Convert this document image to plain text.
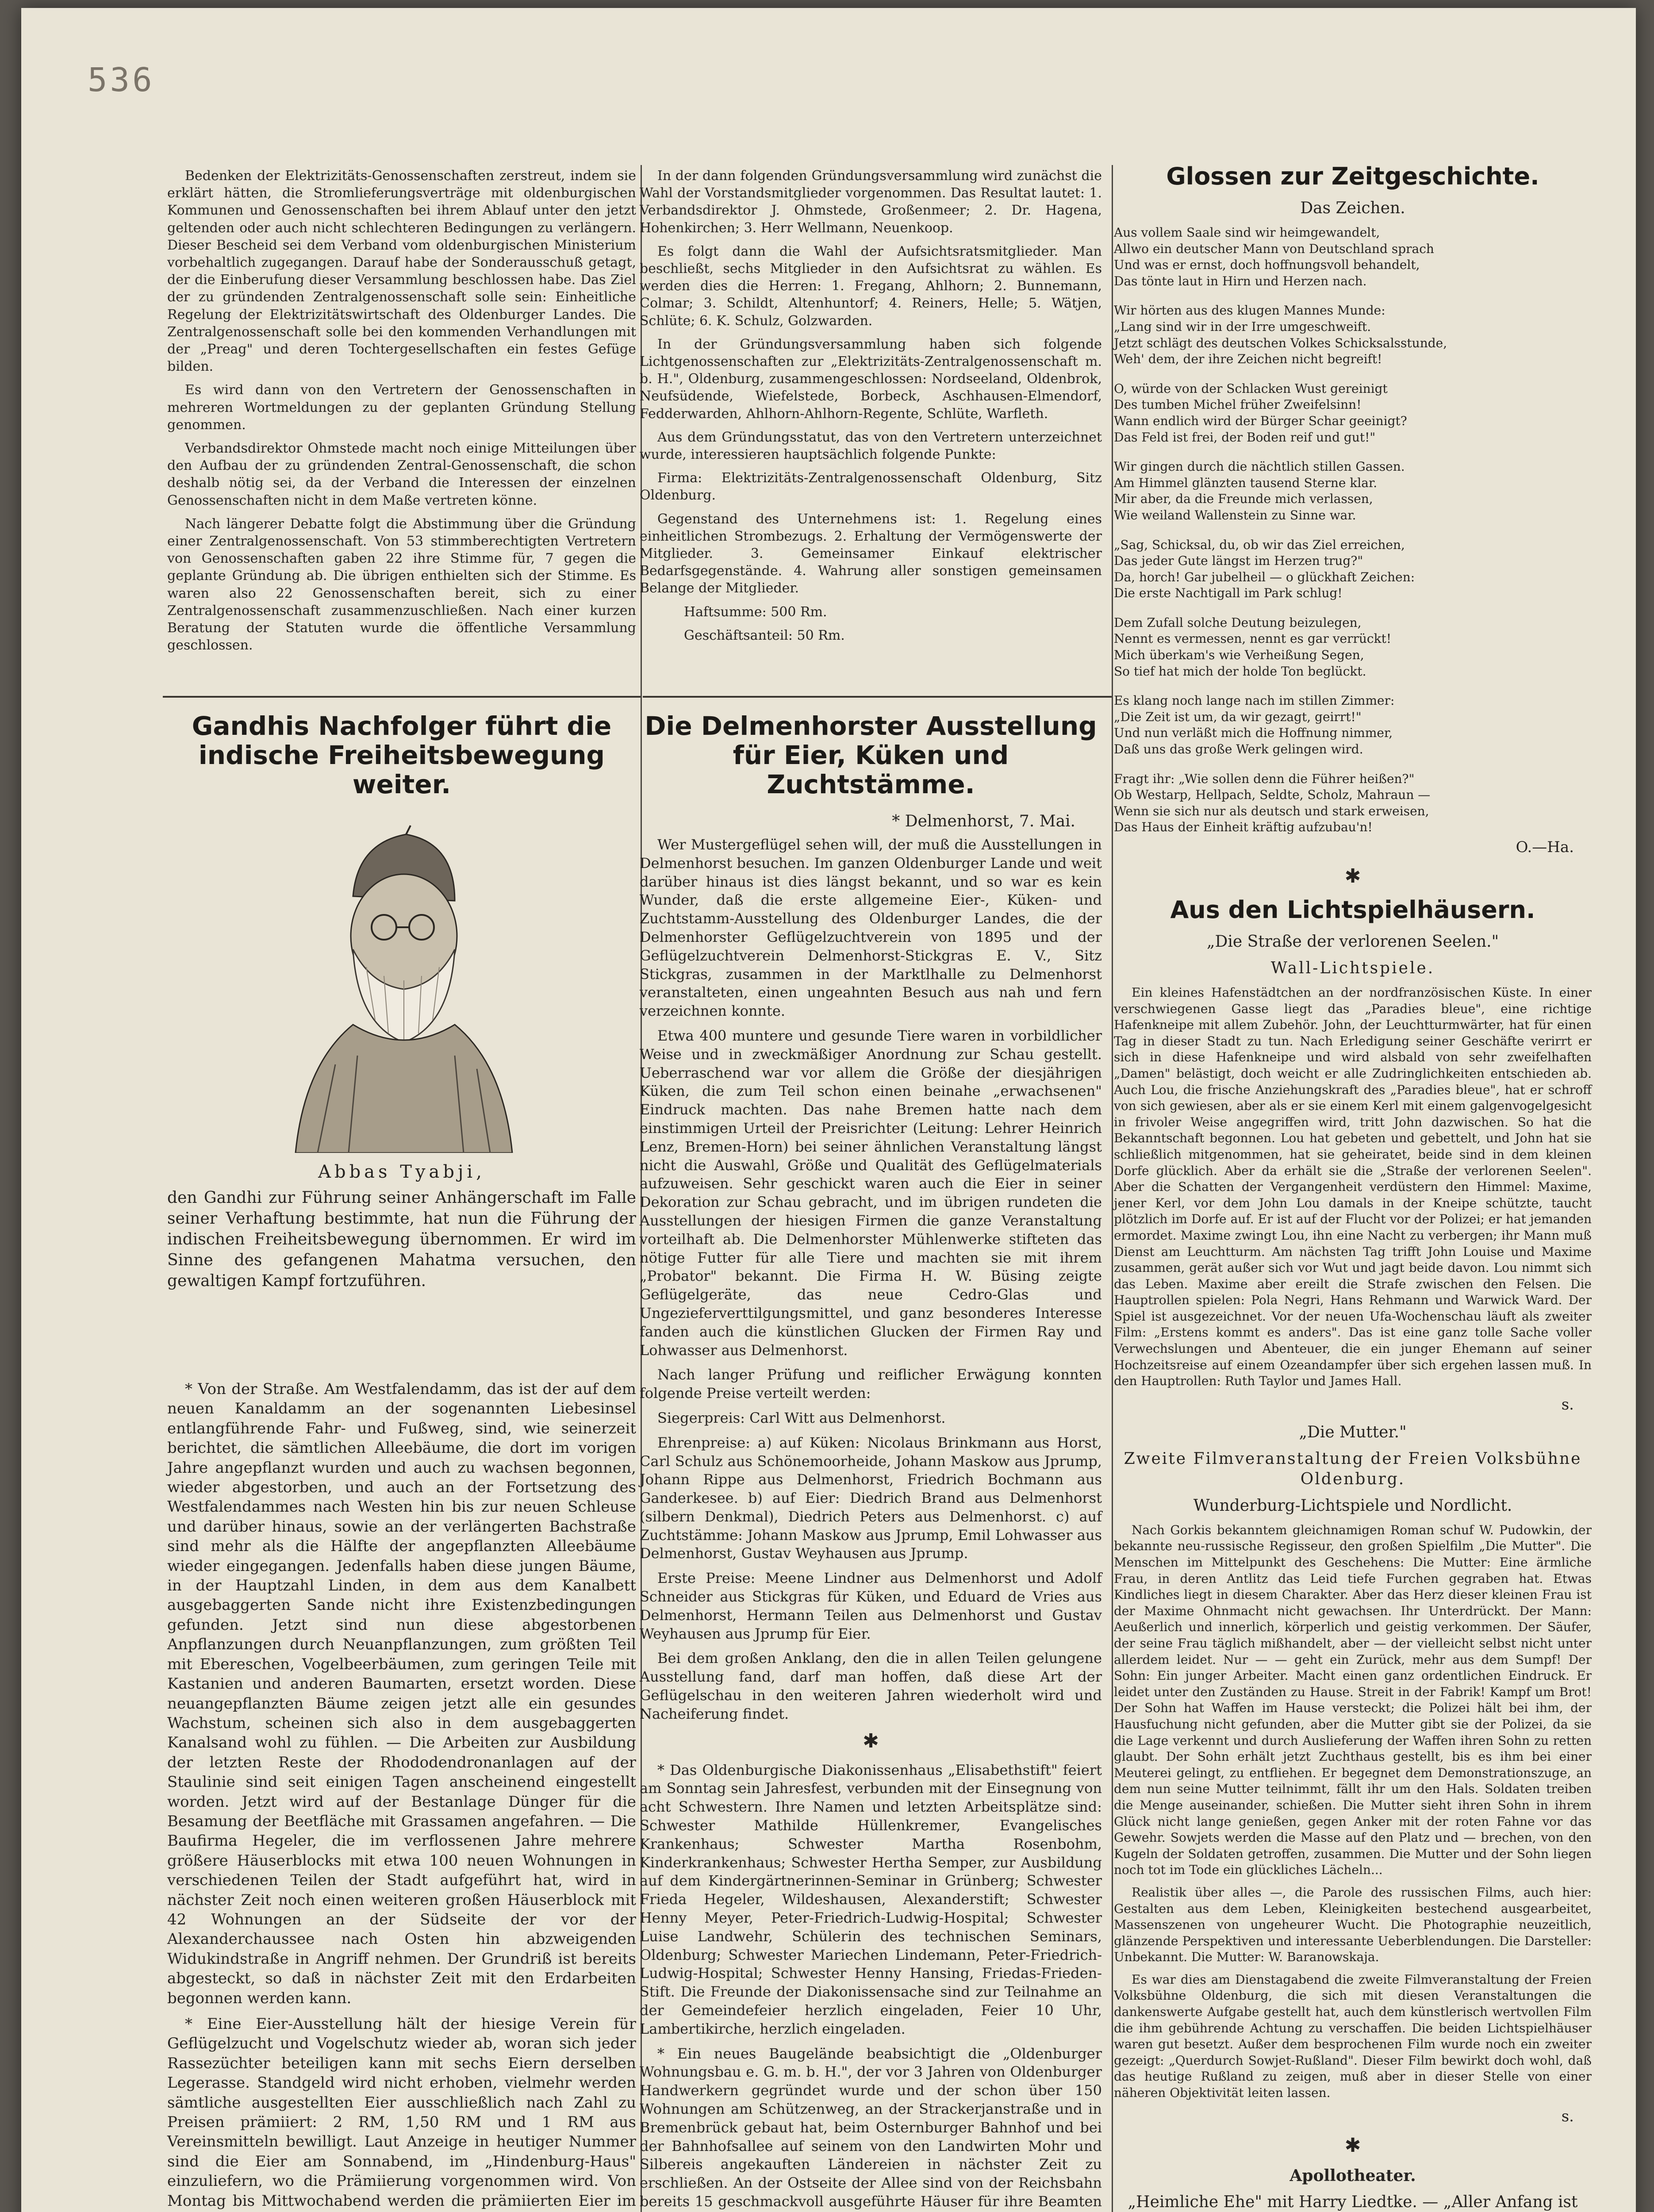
536

Bedenken der Elektrizitäts-Genossenschaften zerstreut, indem sie erklärt hätten, die Stromlieferungsverträge mit oldenburgischen Kommunen und Genossenschaften bei ihrem Ablauf unter den jetzt geltenden oder auch nicht schlechteren Bedingungen zu verlängern. Dieser Bescheid sei dem Verband vom oldenburgischen Ministerium vorbehaltlich zugegangen. Darauf habe der Sonderausschuß getagt, der die Einberufung dieser Versammlung beschlossen habe. Das Ziel der zu gründenden Zentralgenossenschaft solle sein: Einheitliche Regelung der Elektrizitätswirtschaft des Oldenburger Landes. Die Zentralgenossenschaft solle bei den kommenden Verhandlungen mit der „Preag" und deren Tochtergesellschaften ein festes Gefüge bilden.

Es wird dann von den Vertretern der Genossenschaften in mehreren Wortmeldungen zu der geplanten Gründung Stellung genommen.

Verbandsdirektor Ohmstede macht noch einige Mitteilungen über den Aufbau der zu gründenden Zentral-Genossenschaft, die schon deshalb nötig sei, da der Verband die Interessen der einzelnen Genossenschaften nicht in dem Maße vertreten könne.

Nach längerer Debatte folgt die Abstimmung über die Gründung einer Zentralgenossenschaft. Von 53 stimmberechtigten Vertretern von Genossenschaften gaben 22 ihre Stimme für, 7 gegen die geplante Gründung ab. Die übrigen enthielten sich der Stimme. Es waren also 22 Genossenschaften bereit, sich zu einer Zentralgenossenschaft zusammenzuschließen. Nach einer kurzen Beratung der Statuten wurde die öffentliche Versammlung geschlossen.

In der dann folgenden Gründungsversammlung wird zunächst die Wahl der Vorstandsmitglieder vorgenommen. Das Resultat lautet: 1. Verbandsdirektor J. Ohmstede, Großenmeer; 2. Dr. Hagena, Hohenkirchen; 3. Herr Wellmann, Neuenkoop.

Es folgt dann die Wahl der Aufsichtsratsmitglieder. Man beschließt, sechs Mitglieder in den Aufsichtsrat zu wählen. Es werden dies die Herren: 1. Fregang, Ahlhorn; 2. Bunnemann, Colmar; 3. Schildt, Altenhuntorf; 4. Reiners, Helle; 5. Wätjen, Schlüte; 6. K. Schulz, Golzwarden.

In der Gründungsversammlung haben sich folgende Lichtgenossenschaften zur „Elektrizitäts-Zentralgenossenschaft m. b. H.", Oldenburg, zusammengeschlossen: Nordseeland, Oldenbrok, Neufsüdende, Wiefelstede, Borbeck, Aschhausen-Elmendorf, Fedderwarden, Ahlhorn-Ahlhorn-Regente, Schlüte, Warfleth.

Aus dem Gründungsstatut, das von den Vertretern unterzeichnet wurde, interessieren hauptsächlich folgende Punkte:

Firma: Elektrizitäts-Zentralgenossenschaft Oldenburg, Sitz Oldenburg.

Gegenstand des Unternehmens ist: 1. Regelung eines einheitlichen Strombezugs. 2. Erhaltung der Vermögenswerte der Mitglieder. 3. Gemeinsamer Einkauf elektrischer Bedarfsgegenstände. 4. Wahrung aller sonstigen gemeinsamen Belange der Mitglieder.

Haftsumme: 500 Rm.

Geschäftsanteil: 50 Rm.

Gandhis Nachfolger führt die indische Freiheitsbewegung weiter.
Abbas Tyabji,

den Gandhi zur Führung seiner Anhängerschaft im Falle seiner Verhaftung bestimmte, hat nun die Führung der indischen Freiheitsbewegung übernommen. Er wird im Sinne des gefangenen Mahatma versuchen, den gewaltigen Kampf fortzuführen.

* Von der Straße. Am Westfalendamm, das ist der auf dem neuen Kanaldamm an der sogenannten Liebesinsel entlangführende Fahr- und Fußweg, sind, wie seinerzeit berichtet, die sämtlichen Alleebäume, die dort im vorigen Jahre angepflanzt wurden und auch zu wachsen begonnen, wieder abgestorben, und auch an der Fortsetzung des Westfalendammes nach Westen hin bis zur neuen Schleuse und darüber hinaus, sowie an der verlängerten Bachstraße sind mehr als die Hälfte der angepflanzten Alleebäume wieder eingegangen. Jedenfalls haben diese jungen Bäume, in der Hauptzahl Linden, in dem aus dem Kanalbett ausgebaggerten Sande nicht ihre Existenzbedingungen gefunden. Jetzt sind nun diese abgestorbenen Anpflanzungen durch Neuanpflanzungen, zum größten Teil mit Ebereschen, Vogelbeerbäumen, zum geringen Teile mit Kastanien und anderen Baumarten, ersetzt worden. Diese neuangepflanzten Bäume zeigen jetzt alle ein gesundes Wachstum, scheinen sich also in dem ausgebaggerten Kanalsand wohl zu fühlen. — Die Arbeiten zur Ausbildung der letzten Reste der Rhododendronanlagen auf der Staulinie sind seit einigen Tagen anscheinend eingestellt worden. Jetzt wird auf der Bestanlage Dünger für die Besamung der Beetfläche mit Grassamen angefahren. — Die Baufirma Hegeler, die im verflossenen Jahre mehrere größere Häuserblocks mit etwa 100 neuen Wohnungen in verschiedenen Teilen der Stadt aufgeführt hat, wird in nächster Zeit noch einen weiteren großen Häuserblock mit 42 Wohnungen an der Südseite der vor der Alexanderchaussee nach Osten hin abzweigenden Widukindstraße in Angriff nehmen. Der Grundriß ist bereits abgesteckt, so daß in nächster Zeit mit den Erdarbeiten begonnen werden kann.

* Eine Eier-Ausstellung hält der hiesige Verein für Geflügelzucht und Vogelschutz wieder ab, woran sich jeder Rassezüchter beteiligen kann mit sechs Eiern derselben Legerasse. Standgeld wird nicht erhoben, vielmehr werden sämtliche ausgestellten Eier ausschließlich nach Zahl zu Preisen prämiiert: 2 RM, 1,50 RM und 1 RM aus Vereinsmitteln bewilligt. Laut Anzeige in heutiger Nummer sind die Eier am Sonnabend, im „Hindenburg-Haus" einzuliefern, wo die Prämiierung vorgenommen wird. Von Montag bis Mittwochabend werden die prämiierten Eier im

Die Delmenhorster Ausstellung für Eier, Küken und Zuchtstämme.
* Delmenhorst, 7. Mai.

Wer Mustergeflügel sehen will, der muß die Ausstellungen in Delmenhorst besuchen. Im ganzen Oldenburger Lande und weit darüber hinaus ist dies längst bekannt, und so war es kein Wunder, daß die erste allgemeine Eier-, Küken- und Zuchtstamm-Ausstellung des Oldenburger Landes, die der Delmenhorster Geflügelzuchtverein von 1895 und der Geflügelzuchtverein Delmenhorst-Stickgras E. V., Sitz Stickgras, zusammen in der Marktlhalle zu Delmenhorst veranstalteten, einen ungeahnten Besuch aus nah und fern verzeichnen konnte.

Etwa 400 muntere und gesunde Tiere waren in vorbildlicher Weise und in zweckmäßiger Anordnung zur Schau gestellt. Ueberraschend war vor allem die Größe der diesjährigen Küken, die zum Teil schon einen beinahe „erwachsenen" Eindruck machten. Das nahe Bremen hatte nach dem einstimmigen Urteil der Preisrichter (Leitung: Lehrer Heinrich Lenz, Bremen-Horn) bei seiner ähnlichen Veranstaltung längst nicht die Auswahl, Größe und Qualität des Geflügelmaterials aufzuweisen. Sehr geschickt waren auch die Eier in seiner Dekoration zur Schau gebracht, und im übrigen rundeten die Ausstellungen der hiesigen Firmen die ganze Veranstaltung vorteilhaft ab. Die Delmenhorster Mühlenwerke stifteten das nötige Futter für alle Tiere und machten sie mit ihrem „Probator" bekannt. Die Firma H. W. Büsing zeigte Geflügelgeräte, das neue Cedro-Glas und Ungezieferverttilgungsmittel, und ganz besonderes Interesse fanden auch die künstlichen Glucken der Firmen Ray und Lohwasser aus Delmenhorst.

Nach langer Prüfung und reiflicher Erwägung konnten folgende Preise verteilt werden:

Siegerpreis: Carl Witt aus Delmenhorst.

Ehrenpreise: a) auf Küken: Nicolaus Brinkmann aus Horst, Carl Schulz aus Schönemoorheide, Johann Maskow aus Jprump, Johann Rippe aus Delmenhorst, Friedrich Bochmann aus Ganderkesee. b) auf Eier: Diedrich Brand aus Delmenhorst (silbern Denkmal), Diedrich Peters aus Delmenhorst. c) auf Zuchtstämme: Johann Maskow aus Jprump, Emil Lohwasser aus Delmenhorst, Gustav Weyhausen aus Jprump.

Erste Preise: Meene Lindner aus Delmenhorst und Adolf Schneider aus Stickgras für Küken, und Eduard de Vries aus Delmenhorst, Hermann Teilen aus Delmenhorst und Gustav Weyhausen aus Jprump für Eier.

Bei dem großen Anklang, den die in allen Teilen gelungene Ausstellung fand, darf man hoffen, daß diese Art der Geflügelschau in den weiteren Jahren wiederholt wird und Nacheiferung findet.

✱

* Das Oldenburgische Diakonissenhaus „Elisabethstift" feiert am Sonntag sein Jahresfest, verbunden mit der Einsegnung von acht Schwestern. Ihre Namen und letzten Arbeitsplätze sind: Schwester Mathilde Hüllenkremer, Evangelisches Krankenhaus; Schwester Martha Rosenbohm, Kinderkrankenhaus; Schwester Hertha Semper, zur Ausbildung auf dem Kindergärtnerinnen-Seminar in Grünberg; Schwester Frieda Hegeler, Wildeshausen, Alexanderstift; Schwester Henny Meyer, Peter-Friedrich-Ludwig-Hospital; Schwester Luise Landwehr, Schülerin des technischen Seminars, Oldenburg; Schwester Mariechen Lindemann, Peter-Friedrich-Ludwig-Hospital; Schwester Henny Hansing, Friedas-Frieden-Stift. Die Freunde der Diakonissensache sind zur Teilnahme an der Gemeindefeier herzlich eingeladen, Feier 10 Uhr, Lambertikirche, herzlich eingeladen.

* Ein neues Baugelände beabsichtigt die „Oldenburger Wohnungsbau e. G. m. b. H.", der vor 3 Jahren von Oldenburger Handwerkern gegründet wurde und der schon über 150 Wohnungen am Schützenweg, an der Strackerjanstraße und in Bremenbrück gebaut hat, beim Osternburger Bahnhof und bei der Bahnhofsallee auf seinem von den Landwirten Mohr und Silbereis angekauften Ländereien in nächster Zeit zu erschließen. An der Ostseite der Allee sind von der Reichsbahn bereits 15 geschmackvoll ausgeführte Häuser für ihre Beamten

Glossen zur Zeitgeschichte.
Das Zeichen.
Aus vollem Saale sind wir heimgewandelt,
Allwo ein deutscher Mann von Deutschland sprach
Und was er ernst, doch hoffnungsvoll behandelt,
Das tönte laut in Hirn und Herzen nach.
Wir hörten aus des klugen Mannes Munde:
„Lang sind wir in der Irre umgeschweift.
Jetzt schlägt des deutschen Volkes Schicksalsstunde,
Weh' dem, der ihre Zeichen nicht begreift!
O, würde von der Schlacken Wust gereinigt
Des tumben Michel früher Zweifelsinn!
Wann endlich wird der Bürger Schar geeinigt?
Das Feld ist frei, der Boden reif und gut!"
Wir gingen durch die nächtlich stillen Gassen.
Am Himmel glänzten tausend Sterne klar.
Mir aber, da die Freunde mich verlassen,
Wie weiland Wallenstein zu Sinne war.
„Sag, Schicksal, du, ob wir das Ziel erreichen,
Das jeder Gute längst im Herzen trug?"
Da, horch! Gar jubelheil — o glückhaft Zeichen:
Die erste Nachtigall im Park schlug!
Dem Zufall solche Deutung beizulegen,
Nennt es vermessen, nennt es gar verrückt!
Mich überkam's wie Verheißung Segen,
So tief hat mich der holde Ton beglückt.
Es klang noch lange nach im stillen Zimmer:
„Die Zeit ist um, da wir gezagt, geirrt!"
Und nun verläßt mich die Hoffnung nimmer,
Daß uns das große Werk gelingen wird.
Fragt ihr: „Wie sollen denn die Führer heißen?"
Ob Westarp, Hellpach, Seldte, Scholz, Mahraun —
Wenn sie sich nur als deutsch und stark erweisen,
Das Haus der Einheit kräftig aufzubau'n!
O.—Ha.
✱
Aus den Lichtspielhäusern.
„Die Straße der verlorenen Seelen."
Wall-Lichtspiele.

Ein kleines Hafenstädtchen an der nordfranzösischen Küste. In einer verschwiegenen Gasse liegt das „Paradies bleue", eine richtige Hafenkneipe mit allem Zubehör. John, der Leuchtturmwärter, hat für einen Tag in dieser Stadt zu tun. Nach Erledigung seiner Geschäfte verirrt er sich in diese Hafenkneipe und wird alsbald von sehr zweifelhaften „Damen" belästigt, doch weicht er alle Zudringlichkeiten entschieden ab. Auch Lou, die frische Anziehungskraft des „Paradies bleue", hat er schroff von sich gewiesen, aber als er sie einem Kerl mit einem galgenvogelgesicht in frivoler Weise angegriffen wird, tritt John dazwischen. So hat die Bekanntschaft begonnen. Lou hat gebeten und gebettelt, und John hat sie schließlich mitgenommen, hat sie geheiratet, beide sind in dem kleinen Dorfe glücklich. Aber da erhält sie die „Straße der verlorenen Seelen". Aber die Schatten der Vergangenheit verdüstern den Himmel: Maxime, jener Kerl, vor dem John Lou damals in der Kneipe schützte, taucht plötzlich im Dorfe auf. Er ist auf der Flucht vor der Polizei; er hat jemanden ermordet. Maxime zwingt Lou, ihn eine Nacht zu verbergen; ihr Mann muß Dienst am Leuchtturm. Am nächsten Tag trifft John Louise und Maxime zusammen, gerät außer sich vor Wut und jagt beide davon. Lou nimmt sich das Leben. Maxime aber ereilt die Strafe zwischen den Felsen. Die Hauptrollen spielen: Pola Negri, Hans Rehmann und Warwick Ward. Der Spiel ist ausgezeichnet. Vor der neuen Ufa-Wochenschau läuft als zweiter Film: „Erstens kommt es anders". Das ist eine ganz tolle Sache voller Verwechslungen und Abenteuer, die ein junger Ehemann auf seiner Hochzeitsreise auf einem Ozeandampfer über sich ergehen lassen muß. In den Hauptrollen: Ruth Taylor und James Hall.

s.
„Die Mutter."
Zweite Filmveranstaltung der Freien Volksbühne Oldenburg.
Wunderburg-Lichtspiele und Nordlicht.

Nach Gorkis bekanntem gleichnamigen Roman schuf W. Pudowkin, der bekannte neu-russische Regisseur, den großen Spielfilm „Die Mutter". Die Menschen im Mittelpunkt des Geschehens: Die Mutter: Eine ärmliche Frau, in deren Antlitz das Leid tiefe Furchen gegraben hat. Etwas Kindliches liegt in diesem Charakter. Aber das Herz dieser kleinen Frau ist der Maxime Ohnmacht nicht gewachsen. Ihr Unterdrückt. Der Mann: Aeußerlich und innerlich, körperlich und geistig verkommen. Der Säufer, der seine Frau täglich mißhandelt, aber — der vielleicht selbst nicht unter allerdem leidet. Nur — — geht ein Zurück, mehr aus dem Sumpf! Der Sohn: Ein junger Arbeiter. Macht einen ganz ordentlichen Eindruck. Er leidet unter den Zuständen zu Hause. Streit in der Fabrik! Kampf um Brot! Der Sohn hat Waffen im Hause versteckt; die Polizei hält bei ihm, der Hausfuchung nicht gefunden, aber die Mutter gibt sie der Polizei, da sie die Lage verkennt und durch Auslieferung der Waffen ihren Sohn zu retten glaubt. Der Sohn erhält jetzt Zuchthaus gestellt, bis es ihm bei einer Meuterei gelingt, zu entfliehen. Er begegnet dem Demonstrationszuge, an dem nun seine Mutter teilnimmt, fällt ihr um den Hals. Soldaten treiben die Menge auseinander, schießen. Die Mutter sieht ihren Sohn in ihrem Glück nicht lange genießen, gegen Anker mit der roten Fahne vor das Gewehr. Sowjets werden die Masse auf den Platz und — brechen, von den Kugeln der Soldaten getroffen, zusammen. Die Mutter und der Sohn liegen noch tot im Tode ein glückliches Lächeln...

Realistik über alles —, die Parole des russischen Films, auch hier: Gestalten aus dem Leben, Kleinigkeiten bestechend ausgearbeitet, Massenszenen von ungeheurer Wucht. Die Photographie neuzeitlich, glänzende Perspektiven und interessante Ueberblendungen. Die Darsteller: Unbekannt. Die Mutter: W. Baranowskaja.

Es war dies am Dienstagabend die zweite Filmveranstaltung der Freien Volksbühne Oldenburg, die sich mit diesen Veranstaltungen die dankenswerte Aufgabe gestellt hat, auch dem künstlerisch wertvollen Film die ihm gebührende Achtung zu verschaffen. Die beiden Lichtspielhäuser waren gut besetzt. Außer dem besprochenen Film wurde noch ein zweiter gezeigt: „Querdurch Sowjet-Rußland". Dieser Film bewirkt doch wohl, daß das heutige Rußland zu zeigen, muß aber in dieser Stelle von einer näheren Objektivität leiten lassen.

s.
✱
Apollotheater.
„Heimliche Ehe" mit Harry Liedtke. — „Aller Anfang ist
